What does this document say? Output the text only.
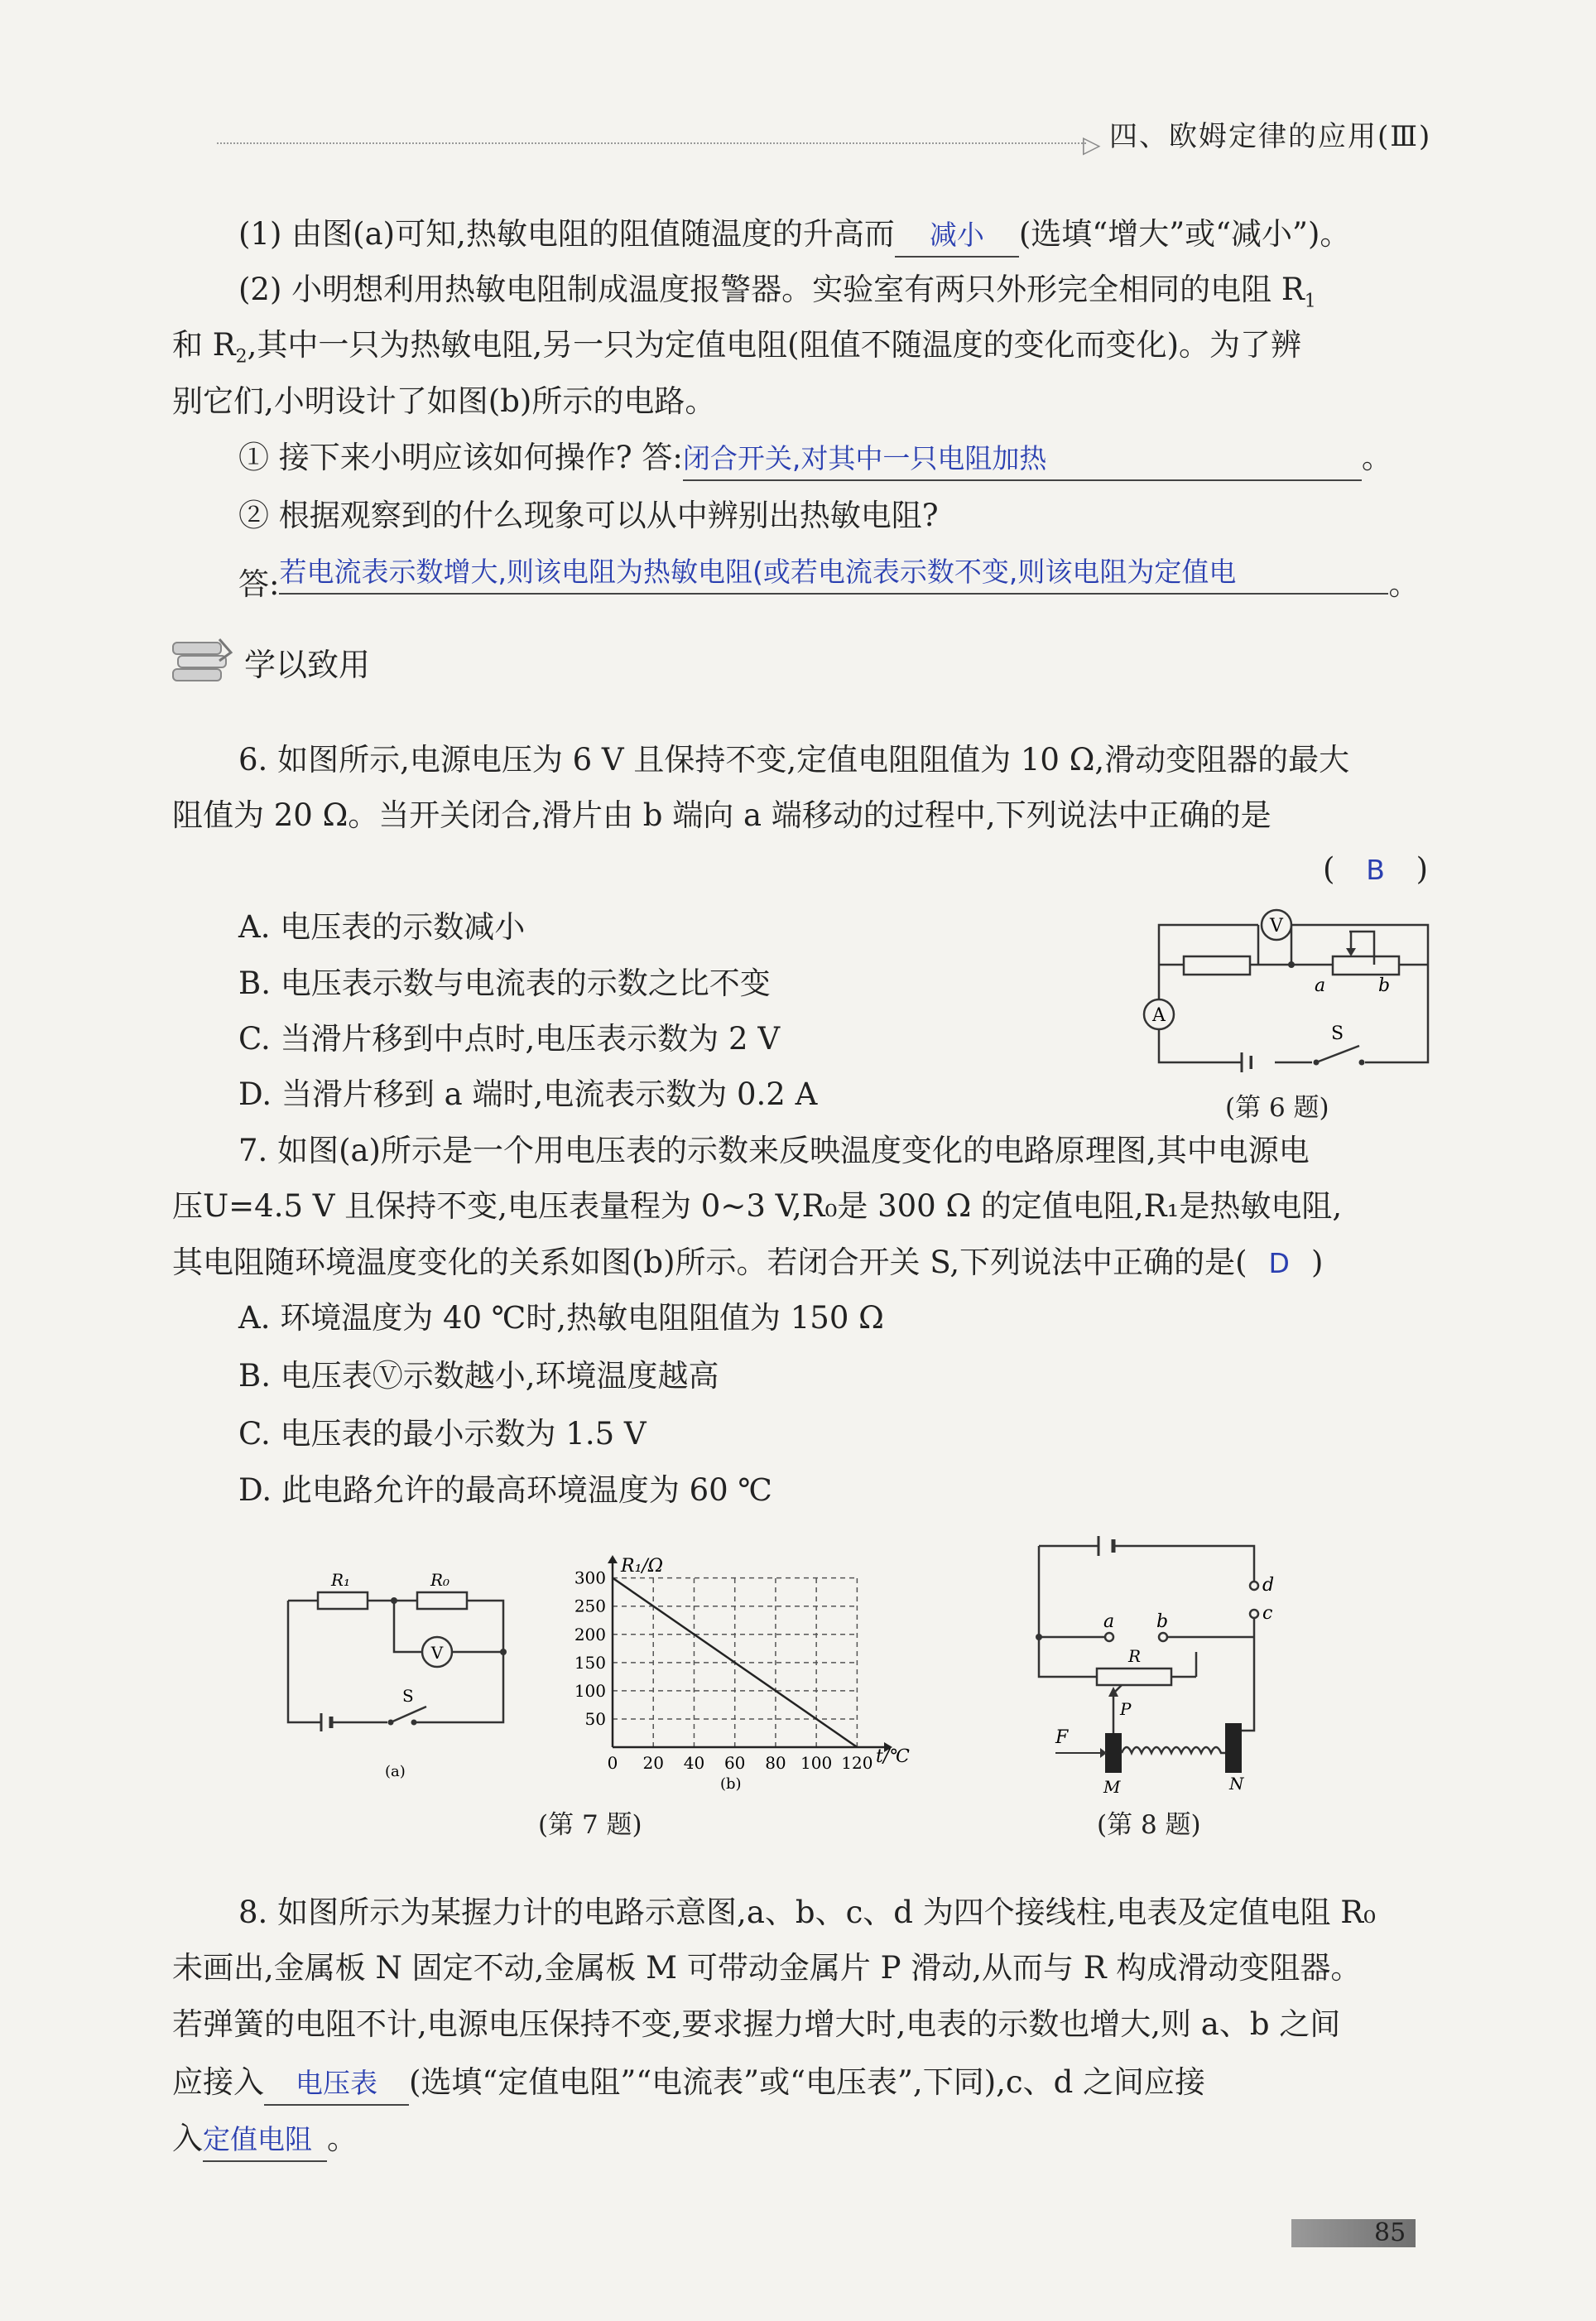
▷ 四、欧姆定律的应用(Ⅲ)
(1) 由图(a)可知,热敏电阻的阻值随温度的升高而 减小 (选填“增大”或“减小”)。
(2) 小明想利用热敏电阻制成温度报警器。实验室有两只外形完全相同的电阻 $R_1$
和 $R_2$,其中一只为热敏电阻,另一只为定值电阻(阻值不随温度的变化而变化)。为了辨
别它们,小明设计了如图(b)所示的电路。
① 接下来小明应该如何操作? 答:闭合开关,对其中一只电阻加热	。
② 根据观察到的什么现象可以从中辨别出热敏电阻?
答:若电流表示数增大,则该电阻为热敏电阻(或若电流表示数不变,则该电阻为定值电	。
学以致用
6. 如图所示,电源电压为 6 V 且保持不变,定值电阻阻值为 10 Ω,滑动变阻器的最大
阻值为 20 Ω。当开关闭合,滑片由 b 端向 a 端移动的过程中,下列说法中正确的是
( B )
A. 电压表的示数减小
B. 电压表示数与电流表的示数之比不变
C. 当滑片移到中点时,电压表示数为 2 V
D. 当滑片移到 a 端时,电流表示数为 0.2 A
V
A
a	b
S
(第 6 题)
7. 如图(a)所示是一个用电压表的示数来反映温度变化的电路原理图,其中电源电
压U=4.5 V 且保持不变,电压表量程为 0~3 V,R₀是 300 Ω 的定值电阻,R₁是热敏电阻,
其电阻随环境温度变化的关系如图(b)所示。若闭合开关 S,下列说法中正确的是( D )
A. 环境温度为 40 ℃时,热敏电阻阻值为 150 Ω
B. 电压表Ⓥ示数越小,环境温度越高
C. 电压表的最小示数为 1.5 V
D. 此电路允许的最高环境温度为 60 ℃
R₁	R₀
V
S
(a)
50
100
150
200
250
300
0 20 40 60 80 100 120
R₁/Ω
t/℃
(b)
(第 7 题)
d
c
a b
R
P
F
M	N
(第 8 题)
8. 如图所示为某握力计的电路示意图,a、b、c、d 为四个接线柱,电表及定值电阻 R₀
未画出,金属板 N 固定不动,金属板 M 可带动金属片 P 滑动,从而与 R 构成滑动变阻器。
若弹簧的电阻不计,电源电压保持不变,要求握力增大时,电表的示数也增大,则 a、b 之间
应接入 电压表 (选填“定值电阻”“电流表”或“电压表”,下同),c、d 之间应接
入定值电阻 。
85
